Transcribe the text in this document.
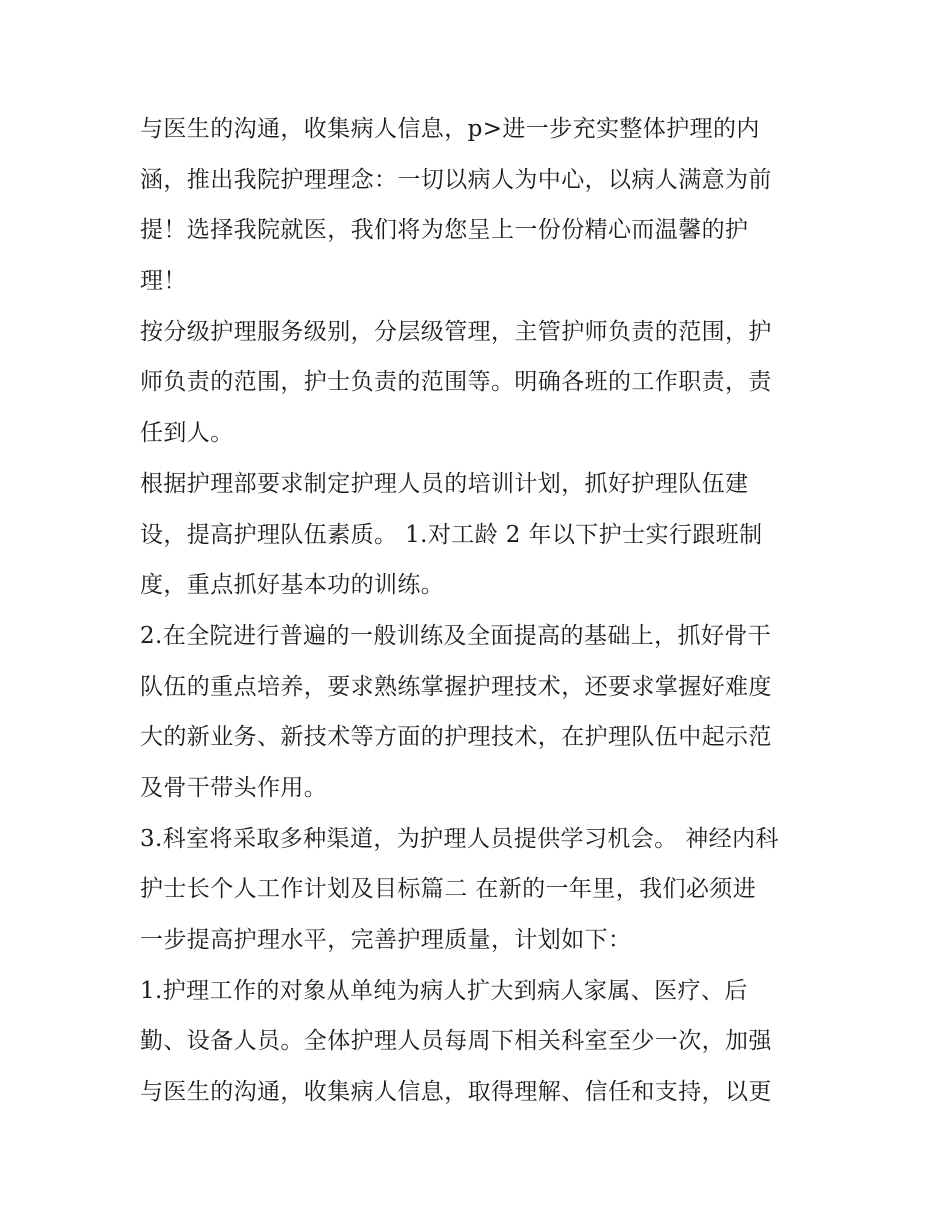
与医生的沟通，收集病人信息，p>进一步充实整体护理的内
涵，推出我院护理理念：一切以病人为中心，以病人满意为前
提！选择我院就医，我们将为您呈上一份份精心而温馨的护
理！
按分级护理服务级别，分层级管理，主管护师负责的范围，护
师负责的范围，护士负责的范围等。明确各班的工作职责，责
任到人。
根据护理部要求制定护理人员的培训计划，抓好护理队伍建
设，提高护理队伍素质。 1.对工龄 2 年以下护士实行跟班制
度，重点抓好基本功的训练。
2.在全院进行普遍的一般训练及全面提高的基础上，抓好骨干
队伍的重点培养，要求熟练掌握护理技术，还要求掌握好难度
大的新业务、新技术等方面的护理技术，在护理队伍中起示范
及骨干带头作用。
3.科室将采取多种渠道，为护理人员提供学习机会。 神经内科
护士长个人工作计划及目标篇二 在新的一年里，我们必须进
一步提高护理水平，完善护理质量，计划如下：
1.护理工作的对象从单纯为病人扩大到病人家属、医疗、后
勤、设备人员。全体护理人员每周下相关科室至少一次，加强
与医生的沟通，收集病人信息，取得理解、信任和支持，以更
